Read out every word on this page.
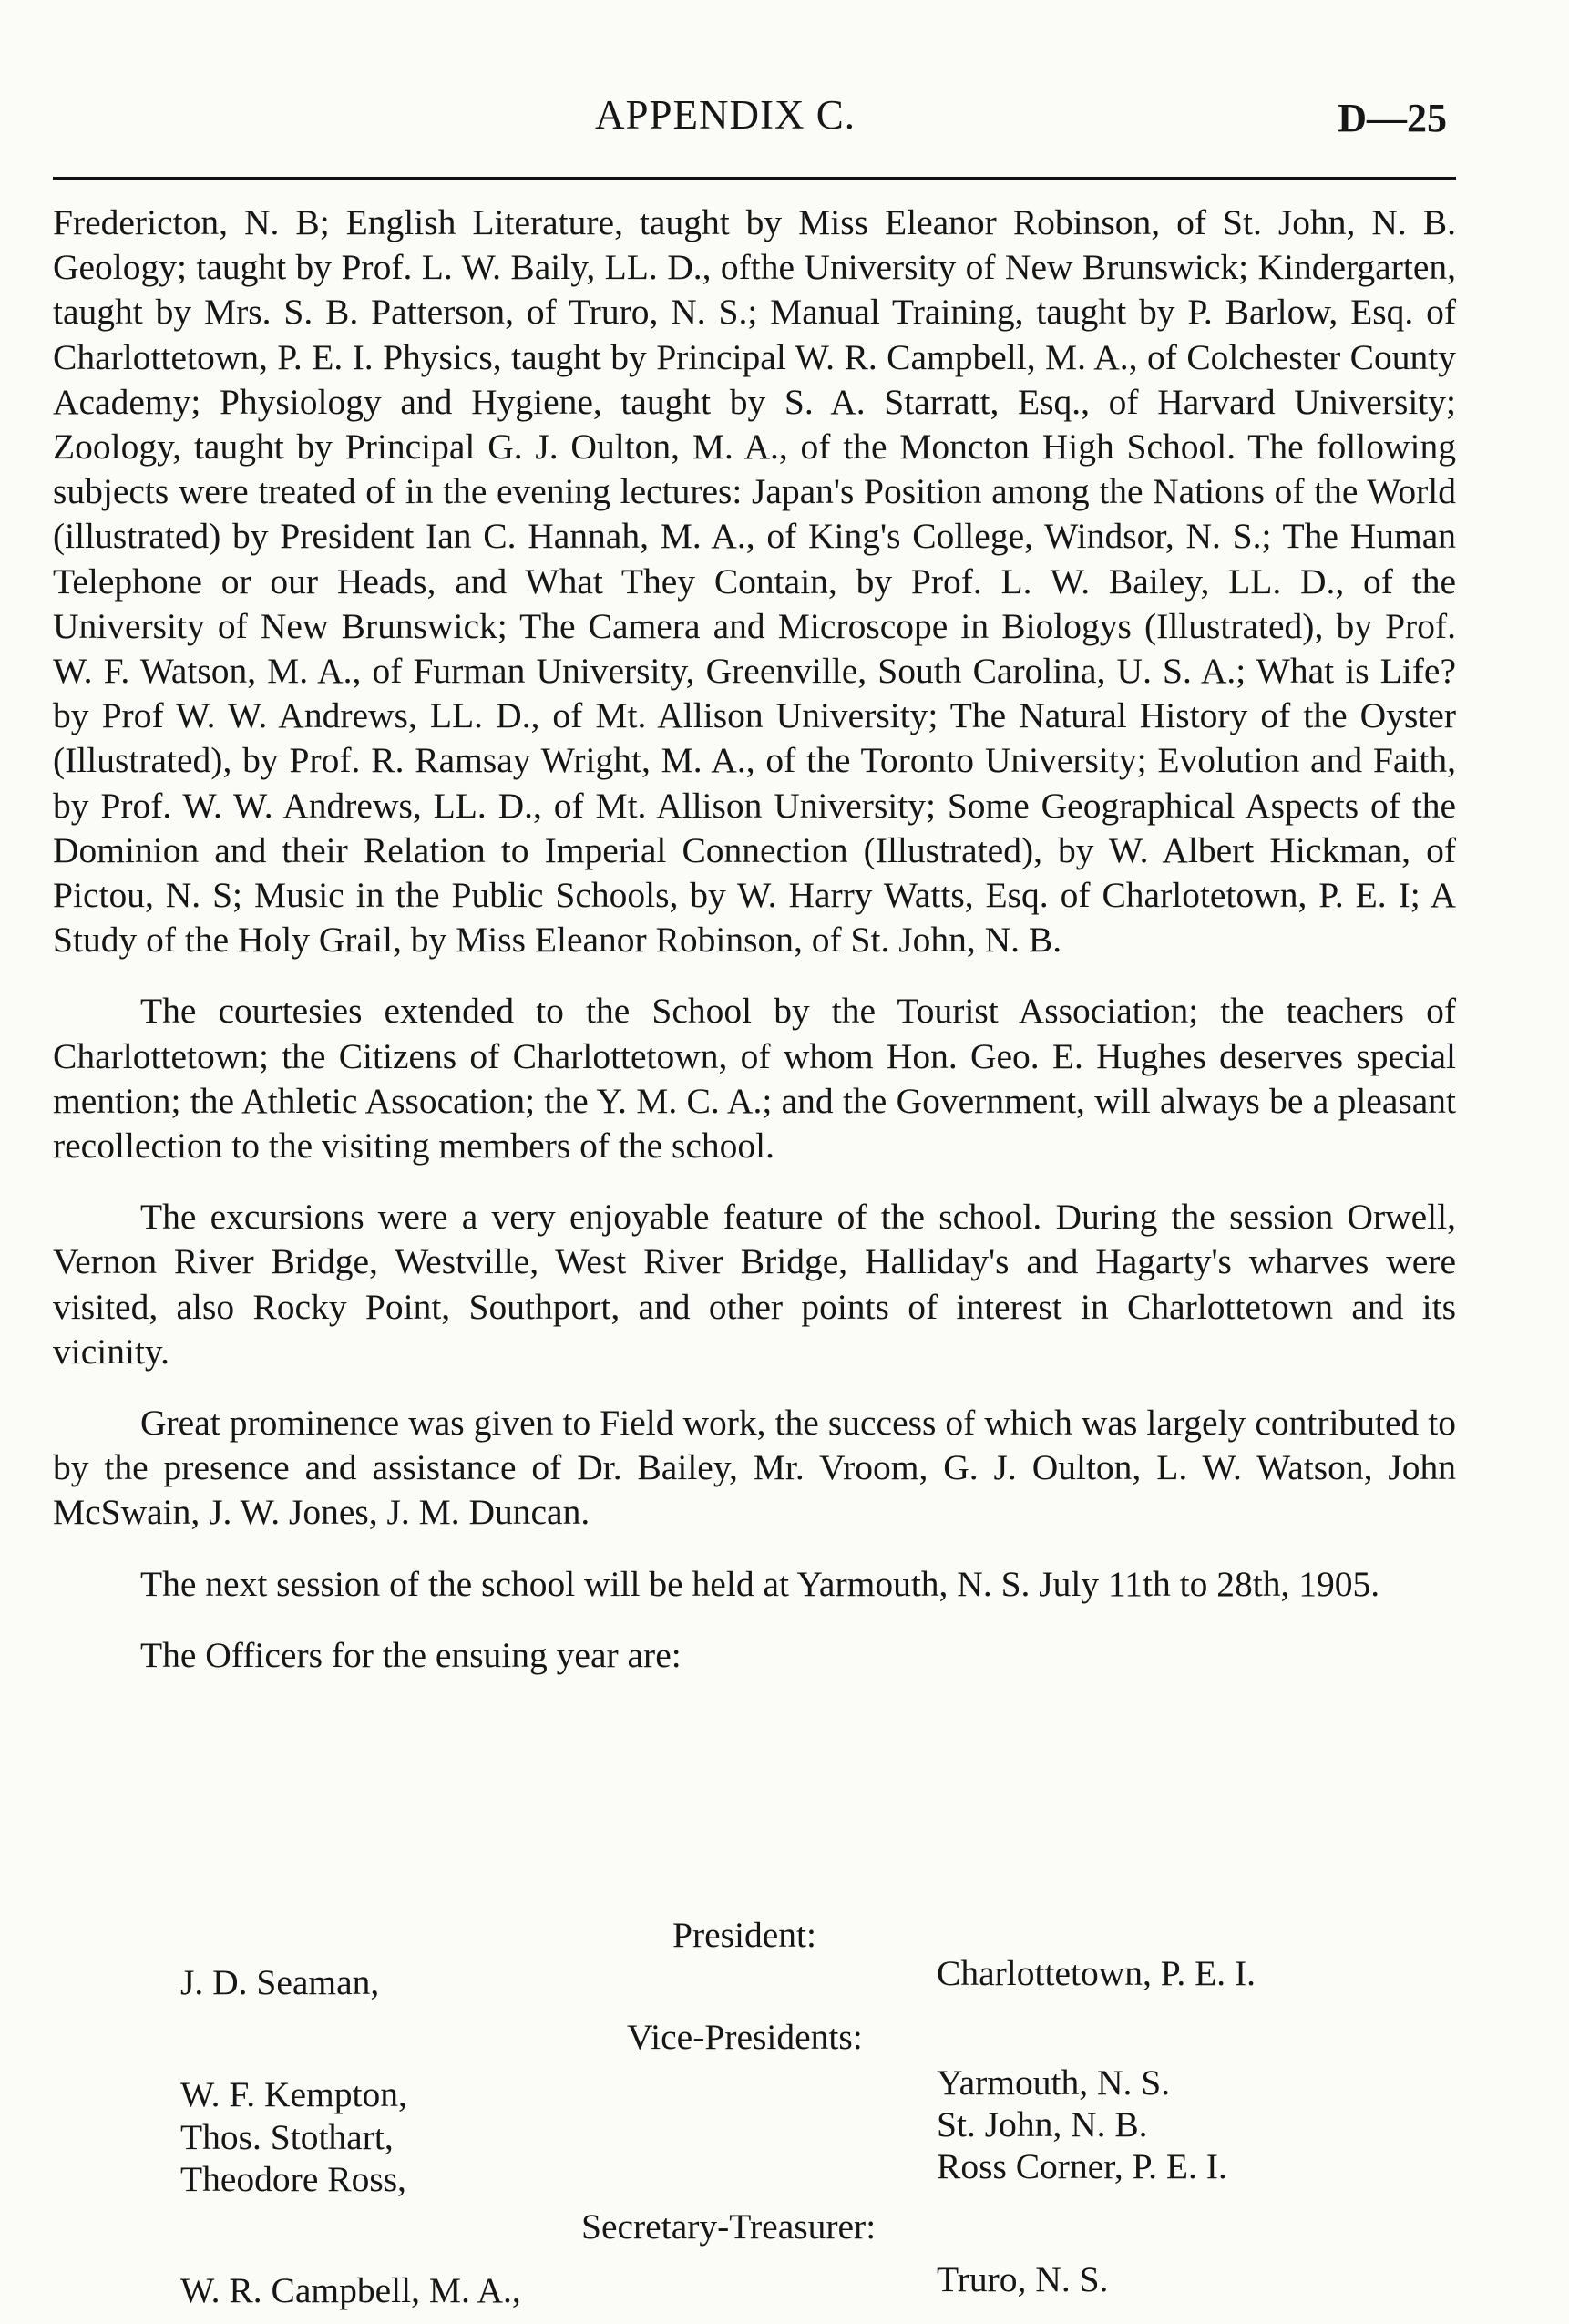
APPENDIX C.	D—25

Fredericton, N. B; English Literature, taught by Miss Eleanor Robinson, of St. John, N. B. Geology; taught by Prof. L. W. Baily, LL. D., ofthe University of New Brunswick; Kindergarten, taught by Mrs. S. B. Patterson, of Truro, N. S.; Manual Training, taught by P. Barlow, Esq. of Charlottetown, P. E. I. Physics, taught by Principal W. R. Campbell, M. A., of Colchester County Academy; Physiology and Hygiene, taught by S. A. Starratt, Esq., of Harvard University; Zoology, taught by Principal G. J. Oulton, M. A., of the Moncton High School. The following subjects were treated of in the evening lectures: Japan's Position among the Nations of the World (illustrated) by President Ian C. Hannah, M. A., of King's College, Windsor, N. S.; The Human Telephone or our Heads, and What They Contain, by Prof. L. W. Bailey, LL. D., of the University of New Brunswick; The Camera and Microscope in Biologys (Illustrated), by Prof. W. F. Watson, M. A., of Furman University, Greenville, South Carolina, U. S. A.; What is Life? by Prof W. W. Andrews, LL. D., of Mt. Allison University; The Natural History of the Oyster (Illustrated), by Prof. R. Ramsay Wright, M. A., of the Toronto University; Evolution and Faith, by Prof. W. W. Andrews, LL. D., of Mt. Allison University; Some Geographical Aspects of the Dominion and their Relation to Imperial Connection (Illustrated), by W. Albert Hickman, of Pictou, N. S; Music in the Public Schools, by W. Harry Watts, Esq. of Charlotetown, P. E. I; A Study of the Holy Grail, by Miss Eleanor Robinson, of St. John, N. B.

The courtesies extended to the School by the Tourist Association; the teachers of Charlottetown; the Citizens of Charlottetown, of whom Hon. Geo. E. Hughes deserves special mention; the Athletic Assocation; the Y. M. C. A.; and the Government, will always be a pleasant recollection to the visiting members of the school.

The excursions were a very enjoyable feature of the school. During the session Orwell, Vernon River Bridge, Westville, West River Bridge, Halliday's and Hagarty's wharves were visited, also Rocky Point, Southport, and other points of interest in Charlottetown and its vicinity.

Great prominence was given to Field work, the success of which was largely contributed to by the presence and assistance of Dr. Bailey, Mr. Vroom, G. J. Oulton, L. W. Watson, John McSwain, J. W. Jones, J. M. Duncan.

The next session of the school will be held at Yarmouth, N. S. July 11th to 28th, 1905.

The Officers for the ensuing year are:

President:
J. D. Seaman,	Charlottetown, P. E. I.
Vice-Presidents:
W. F. Kempton,	Yarmouth, N. S.
Thos. Stothart,	St. John, N. B.
Theodore Ross,	Ross Corner, P. E. I.
Secretary-Treasurer:
W. R. Campbell, M. A.,	Truro, N. S.
